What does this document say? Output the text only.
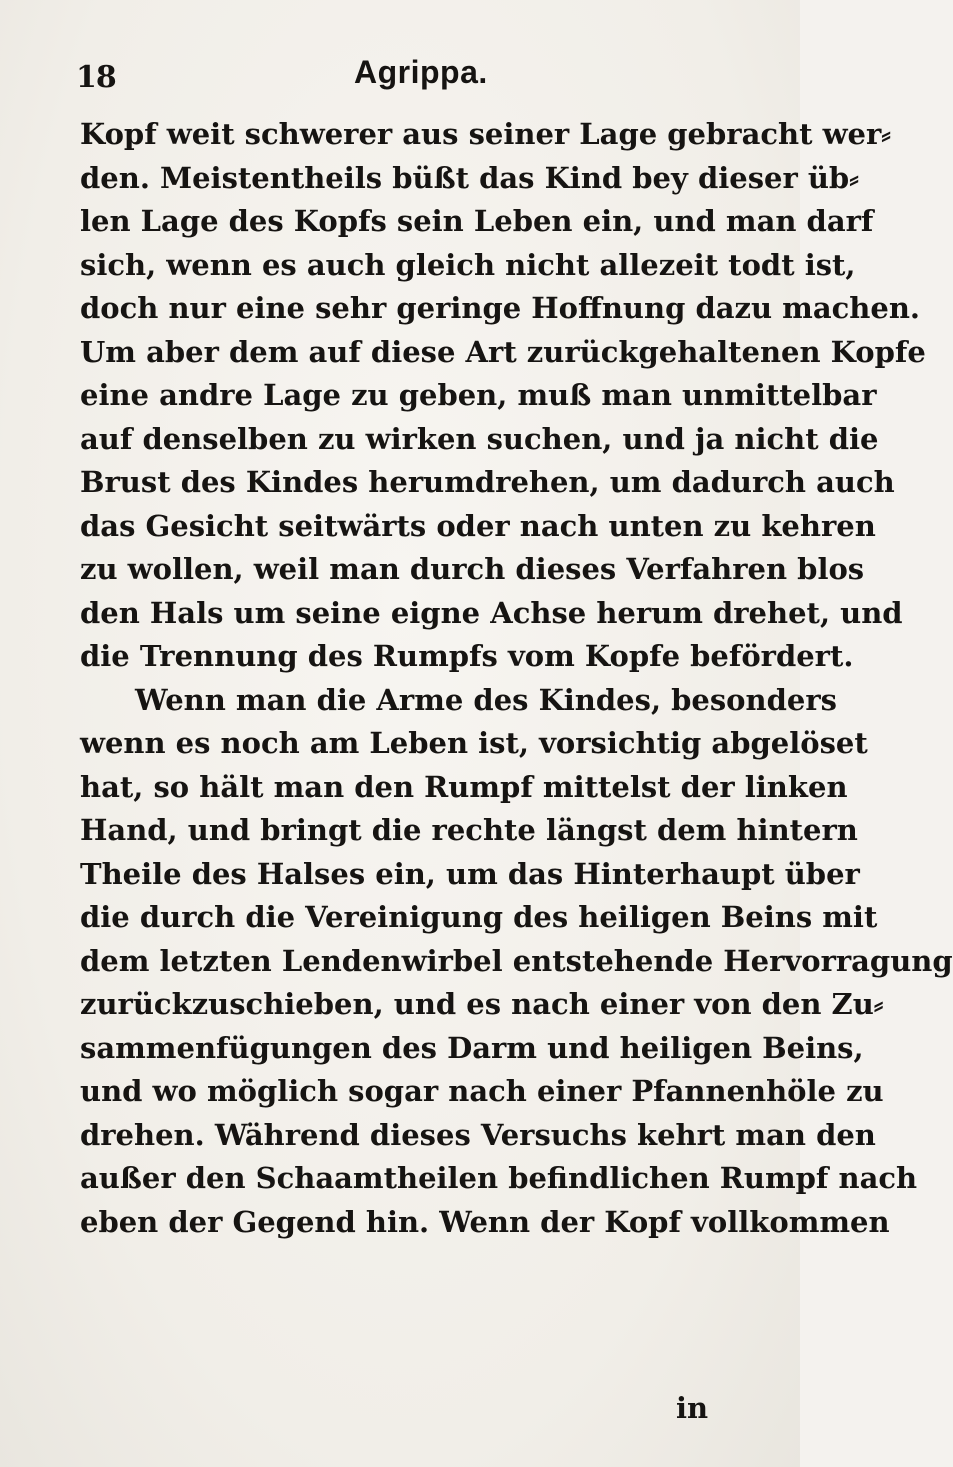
18	Agrippa.
Kopf weit schwerer aus seiner Lage gebracht wer⸗
den. Meistentheils büßt das Kind bey dieser üb⸗
len Lage des Kopfs sein Leben ein, und man darf
sich, wenn es auch gleich nicht allezeit todt ist,
doch nur eine sehr geringe Hoffnung dazu machen.
Um aber dem auf diese Art zurückgehaltenen Kopfe
eine andre Lage zu geben, muß man unmittelbar
auf denselben zu wirken suchen, und ja nicht die
Brust des Kindes herumdrehen, um dadurch auch
das Gesicht seitwärts oder nach unten zu kehren
zu wollen, weil man durch dieses Verfahren blos
den Hals um seine eigne Achse herum drehet, und
die Trennung des Rumpfs vom Kopfe befördert.
Wenn man die Arme des Kindes, besonders
wenn es noch am Leben ist, vorsichtig abgelöset
hat, so hält man den Rumpf mittelst der linken
Hand, und bringt die rechte längst dem hintern
Theile des Halses ein, um das Hinterhaupt über
die durch die Vereinigung des heiligen Beins mit
dem letzten Lendenwirbel entstehende Hervorragung
zurückzuschieben, und es nach einer von den Zu⸗
sammenfügungen des Darm und heiligen Beins,
und wo möglich sogar nach einer Pfannenhöle zu
drehen. Während dieses Versuchs kehrt man den
außer den Schaamtheilen befindlichen Rumpf nach
eben der Gegend hin. Wenn der Kopf vollkommen
in
